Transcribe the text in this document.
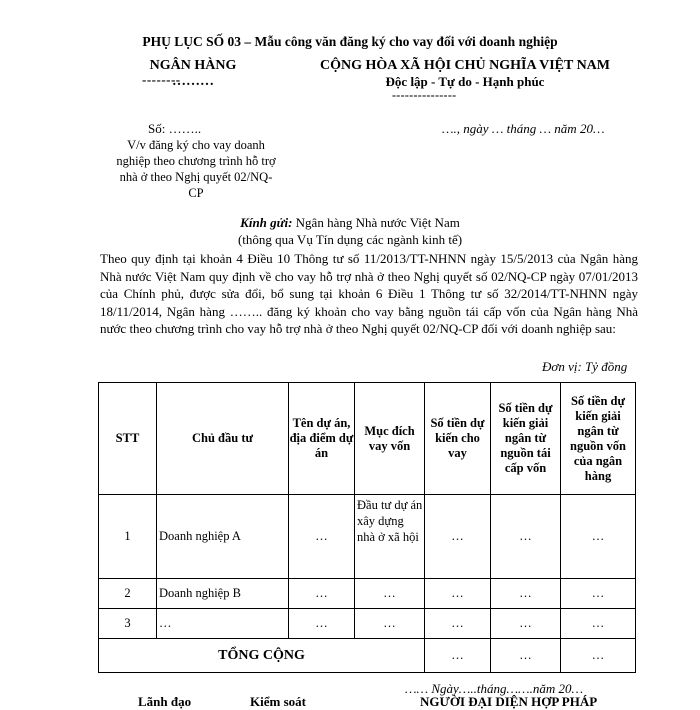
PHỤ LỤC SỐ 03 – Mẫu công văn đăng ký cho vay đối với doanh nghiệp
NGÂN HÀNG ………
--------
CỘNG HÒA XÃ HỘI CHỦ NGHĨA VIỆT NAM
Độc lập - Tự do - Hạnh phúc
---------------
Số: ……..	…., ngày … tháng … năm 20…
V/v đăng ký cho vay doanh nghiệp theo chương trình hỗ trợ nhà ở theo Nghị quyết 02/NQ-CP
Kính gửi: Ngân hàng Nhà nước Việt Nam
(thông qua Vụ Tín dụng các ngành kinh tế)
Theo quy định tại khoản 4 Điều 10 Thông tư số 11/2013/TT-NHNN ngày 15/5/2013 của Ngân hàng Nhà nước Việt Nam quy định về cho vay hỗ trợ nhà ở theo Nghị quyết số 02/NQ-CP ngày 07/01/2013 của Chính phủ, được sửa đổi, bổ sung tại khoản 6 Điều 1 Thông tư số 32/2014/TT-NHNN ngày 18/11/2014, Ngân hàng …….. đăng ký khoản cho vay bằng nguồn tái cấp vốn của Ngân hàng Nhà nước theo chương trình cho vay hỗ trợ nhà ở theo Nghị quyết 02/NQ-CP đối với doanh nghiệp sau:
Đơn vị: Tỷ đồng
STT	Chủ đầu tư	Tên dự án, địa điểm dự án	Mục đích vay vốn	Số tiền dự kiến cho vay	Số tiền dự kiến giải ngân từ nguồn tái cấp vốn	Số tiền dự kiến giải ngân từ nguồn vốn của ngân hàng
1	Doanh nghiệp A	…	Đầu tư dự án xây dựng nhà ở xã hội	…	…	…
2	Doanh nghiệp B	…	…	…	…	…
3	…	…	…	…	…	…
TỔNG CỘNG				…	…	…
…… Ngày…..tháng…….năm 20…
Lãnh đạo	Kiểm soát	NGƯỜI ĐẠI DIỆN HỢP PHÁP
